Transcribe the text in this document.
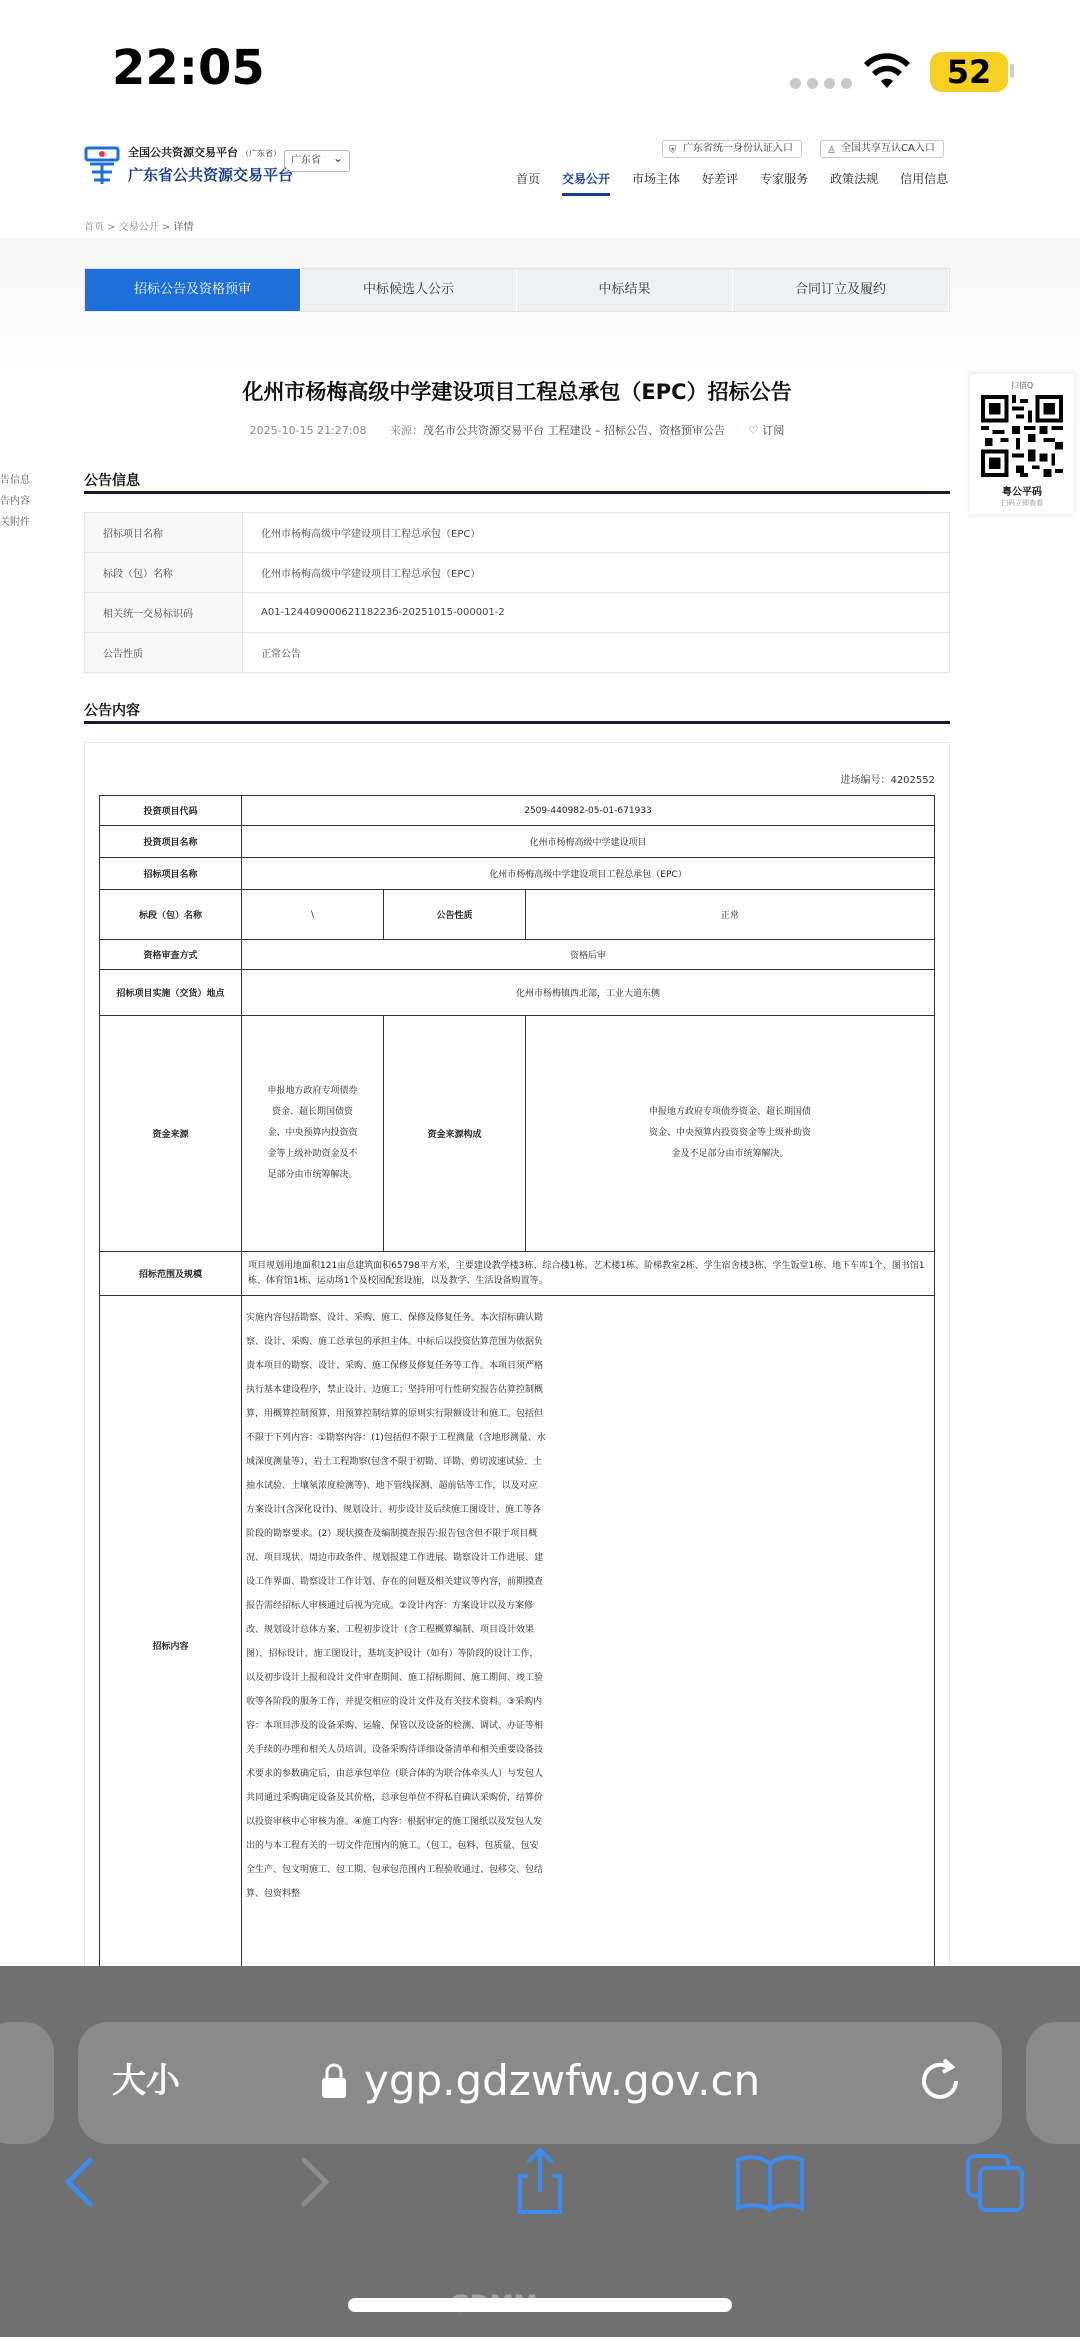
22:05	52
全国公共资源交易平台 （广东省）
广东省公共资源交易平台
广东省 ⌄
⛨ 广东省统一身份认证入口	♙ 全国共享互认CA入口
首页	交易公开	市场主体	好差评	专家服务	政策法规	信用信息
首页 > 交易公开 > 详情
招标公告及资格预审	中标候选人公示	中标结果	合同订立及履约
化州市杨梅高级中学建设项目工程总承包（EPC）招标公告
2025-10-15 21:27:08 来源：茂名市公共资源交易平台 工程建设 – 招标公告、资格预审公告 ♡ 订阅
扫描Q
粤公平码
扫码立即查看
告信息
告内容
关附件
公告信息
招标项目名称	化州市杨梅高级中学建设项目工程总承包（EPC）
标段（包）名称	化州市杨梅高级中学建设项目工程总承包（EPC）
相关统一交易标识码	A01-12440900062118223б-20251015-000001-2
公告性质	正常公告
公告内容
进场编号：4202552
投资项目代码	2509-440982-05-01-671933		
投资项目名称	化州市杨梅高级中学建设项目		
招标项目名称	化州市杨梅高级中学建设项目工程总承包（EPC）		
标段（包）名称	\	公告性质	正常
资格审查方式	资格后审		
招标项目实施（交货）地点	化州市杨梅镇西北部，工业大道东侧		
资金来源	申报地方政府专项债券资金、超长期国债资金、中央预算内投资资金等上级补助资金及不足部分由市统筹解决。	资金来源构成	申报地方政府专项债券资金、超长期国债资金、中央预算内投资资金等上级补助资金及不足部分由市统筹解决。
招标范围及规模	项目规划用地面积121亩总建筑面积65798平方米，主要建设教学楼3栋、综合楼1栋、艺术楼1栋、阶梯教室2栋、学生宿舍楼3栋、学生饭堂1栋、地下车库1个、图书馆1栋、体育馆1栋、运动场1个及校园配套设施，以及教学、生活设备购置等。		
招标内容	实施内容包括勘察、设计、采购、施工、保修及修复任务。本次招标确认勘察、设计、采购、施工总承包的承担主体。中标后以投资估算范围为依据负责本项目的勘察、设计、采购、施工保修及修复任务等工作。本项目须严格执行基本建设程序，禁止设计、边施工；坚持用可行性研究报告估算控制概算，用概算控制预算，用预算控制结算的原则实行限额设计和施工。包括但不限于下列内容：①勘察内容：(1)包括但不限于工程测量（含地形测量、水域深度测量等），岩土工程勘察(包含不限于初勘、详勘、剪切波速试验、土抽水试验、土壤氡浓度检测等)、地下管线探测、超前钻等工作，以及对应方案设计(含深化设计)、规划设计、初步设计及后续施工图设计、施工等各阶段的勘察要求。(2）现状摸查及编制摸查报告:报告包含但不限于项目概况、项目现状、周边市政条件、规划报建工作进展、勘察设计工作进展、建设工作界面、勘察设计工作计划、存在的问题及相关建议等内容，前期摸查报告需经招标人审核通过后视为完成。②设计内容：方案设计以及方案修改、规划设计总体方案、工程初步设计（含工程概算编制、项目设计效果图），招标设计、施工图设计，基坑支护设计（如有）等阶段的设计工作，以及初步设计上报和设计文件审查期间、施工招标期间、施工期间、竣工验收等各阶段的服务工作，并提交相应的设计文件及有关技术资料。③采购内容：本项目涉及的设备采购、运输、保管以及设备的检测、调试、办证等相关手续的办理和相关人员培训。设备采购待详细设备清单和相关重要设备技术要求的参数确定后，由总承包单位（联合体的为联合体牵头人）与发包人共同通过采购确定设备及其价格，总承包单位不得私自确认采购价，结算价以投资审核中心审核为准。④施工内容：根据审定的施工图纸以及发包人发出的与本工程有关的一切文件范围内的施工。（包工、包料、包质量、包安全生产、包文明施工、包工期、包承包范围内工程验收通过、包移交、包结算、包资料整		

大小	ygp.gdzwfw.gov.cn
GDMM
